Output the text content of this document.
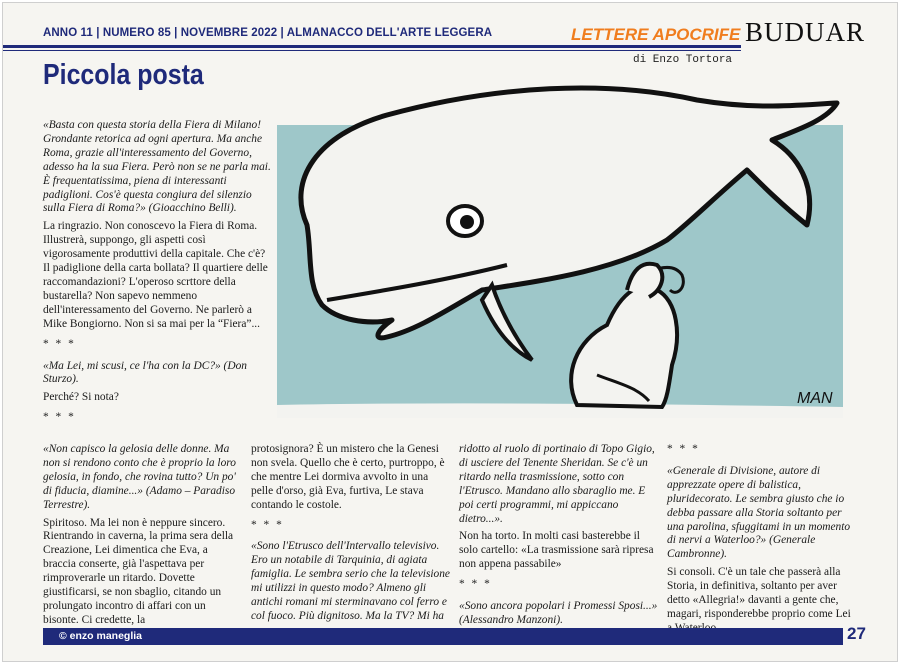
ANNO 11 | NUMERO 85 | NOVEMBRE 2022 | ALMANACCO DELL'ARTE LEGGERA	LETTERE APOCRIFE BUDUAR
di Enzo Tortora
Piccola posta

«Basta con questa storia della Fiera di Milano! Grondante retorica ad ogni apertura. Ma anche Roma, grazie all'interessamento del Governo, adesso ha la sua Fiera. Però non se ne parla mai. È frequentatissima, piena di interessanti padiglioni. Cos'è questa congiura del silenzio sulla Fiera di Roma?» (Gioacchino Belli).

La ringrazio. Non conoscevo la Fiera di Roma. Illustrerà, suppongo, gli aspetti così vigorosamente produttivi della capitale. Che c'è? Il padiglione della carta bollata? Il quartiere delle raccomandazioni? L'operoso scrttore della bustarella? Non sapevo nemmeno dell'interessamento del Governo. Ne parlerò a Mike Bongiorno. Non si sa mai per la “Fiera”...

* * *

«Ma Lei, mi scusi, ce l'ha con la DC?» (Don Sturzo).

Perché? Si nota?

* * *

«Non capisco la gelosia delle donne. Ma non si rendono conto che è proprio la loro gelosia, in fondo, che rovina tutto? Un po' di fiducia, diamine...» (Adamo – Paradiso Terrestre).

Spiritoso. Ma lei non è neppure sincero. Rientrando in caverna, la prima sera della Creazione, Lei dimentica che Eva, a braccia conserte, già l'aspettava per rimproverarle un ritardo. Dovette giustificarsi, se non sbaglio, citando un prolungato incontro di affari con un bisonte. Ci credette, la

protosignora? È un mistero che la Genesi non svela. Quello che è certo, purtroppo, è che mentre Lei dormiva avvolto in una pelle d'orso, già Eva, furtiva, Le stava contando le costole.

* * *

«Sono l'Etrusco dell'Intervallo televisivo. Ero un notabile di Tarquinia, di agiata famiglia. Le sembra serio che la televisione mi utilizzi in questo modo? Almeno gli antichi romani mi sterminavano col ferro e col fuoco. Più dignitoso. Ma la TV? Mi ha

ridotto al ruolo di portinaio di Topo Gigio, di usciere del Tenente Sheridan. Se c'è un ritardo nella trasmissione, sotto con l'Etrusco. Mandano allo sbaraglio me. E poi certi programmi, mi appiccano dietro...».

Non ha torto. In molti casi basterebbe il solo cartello: «La trasmissione sarà ripresa non appena passabile»

* * *

«Sono ancora popolari i Promessi Sposi...» (Alessandro Manzoni).

* * *

«Generale di Divisione, autore di apprezzate opere di balistica, pluridecorato. Le sembra giusto che io debba passare alla Storia soltanto per una parolina, sfuggitami in un momento di nervi a Waterloo?» (Generale Cambronne).

Si consoli. C'è un tale che passerà alla Storia, in definitiva, soltanto per aver detto «Allegria!» davanti a gente che, magari, risponderebbe proprio come Lei

MAN
© enzo maneglia	27
